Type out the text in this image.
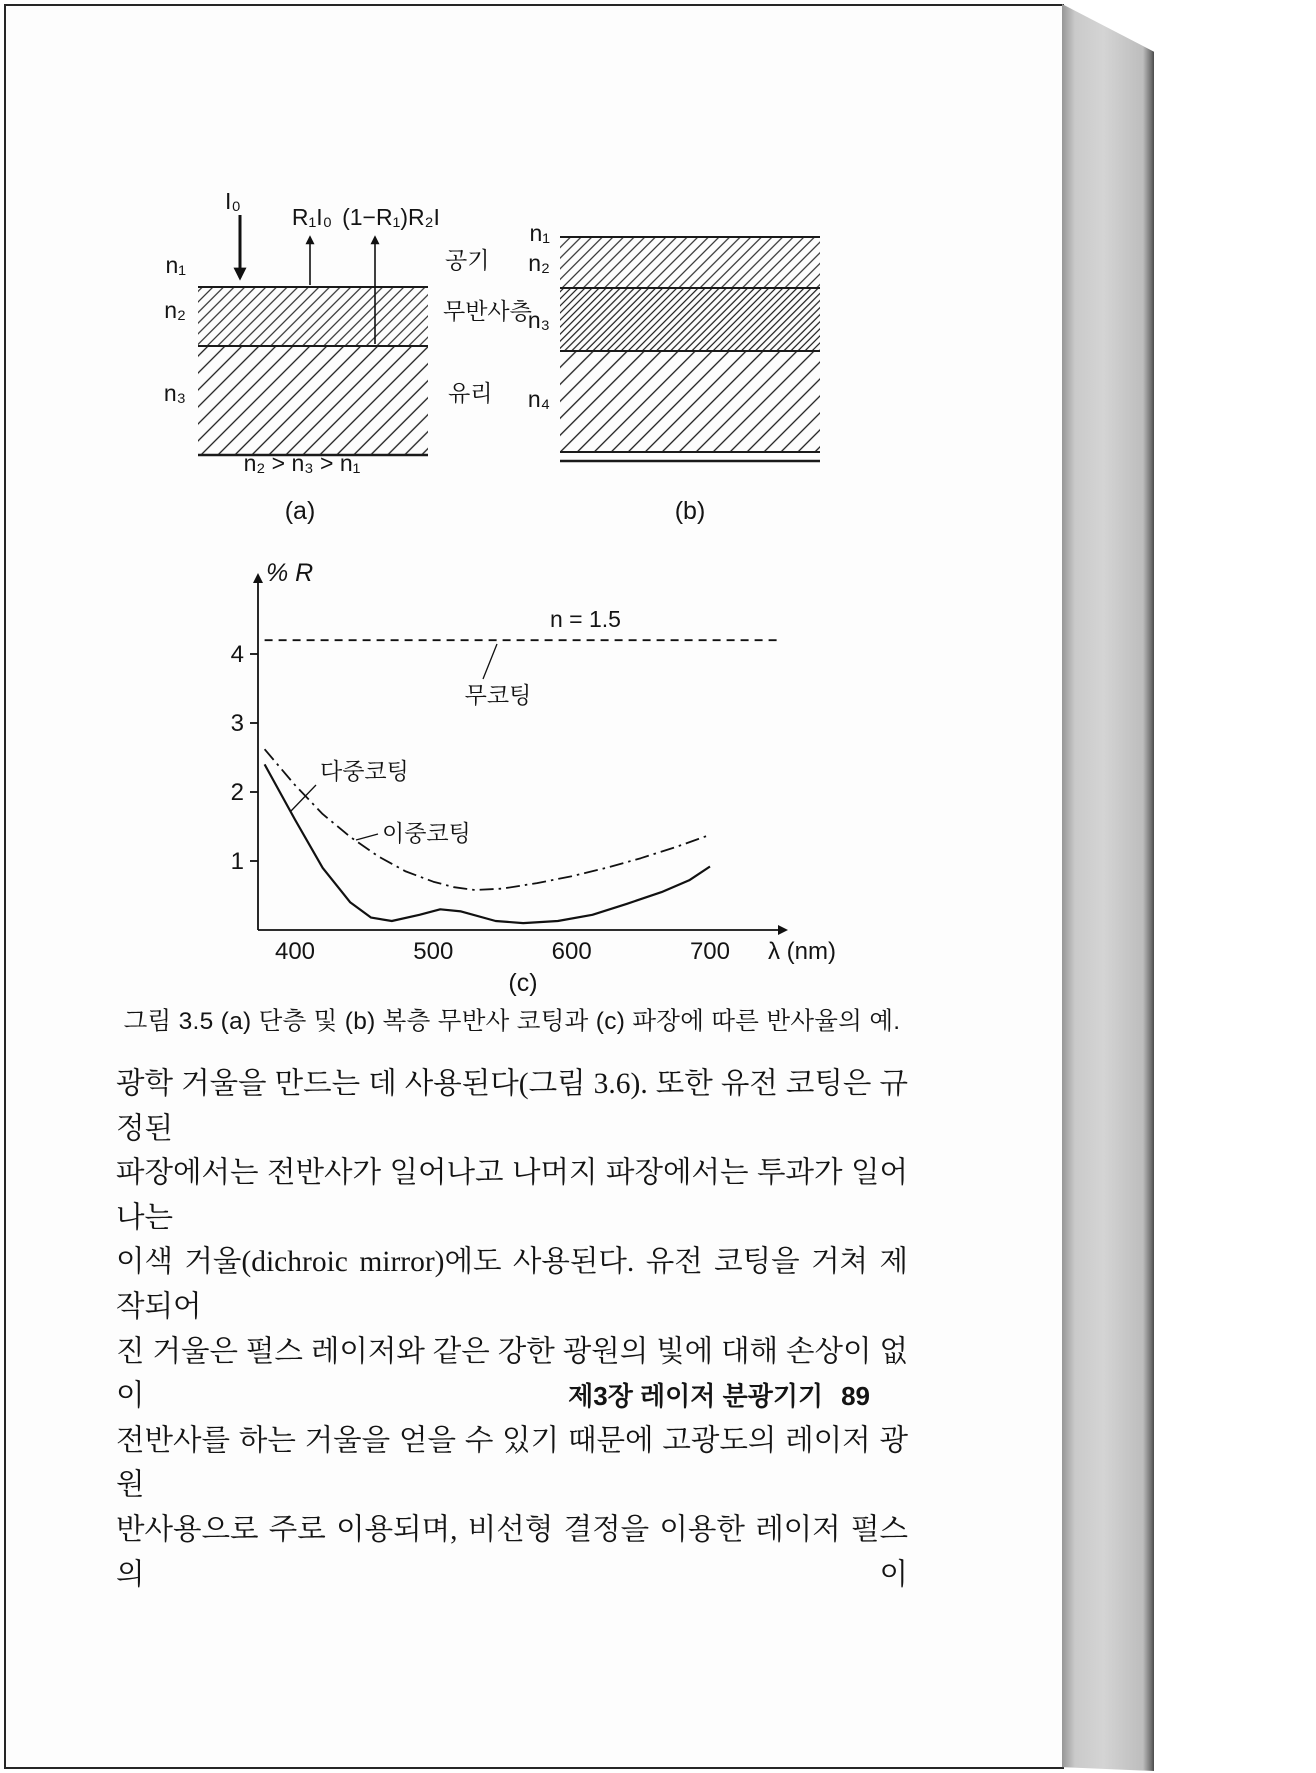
I₀
R₁I₀ (1−R₁)R₂I
n₁
n₂
n₃
공기
무반사층
유리
n₂ > n₃ > n₁
(a)
n₁
n₂
n₃
n₄
(b)
1
2
3
4
400	500	600	700
% R
λ (nm)
n = 1.5
무코팅
다중코팅
이중코팅
(c)
그림 3.5 (a) 단층 및 (b) 복층 무반사 코팅과 (c) 파장에 따른 반사율의 예.
광학 거울을 만드는 데 사용된다(그림 3.6). 또한 유전 코팅은 규정된
파장에서는 전반사가 일어나고 나머지 파장에서는 투과가 일어나는
이색 거울(dichroic mirror)에도 사용된다. 유전 코팅을 거쳐 제작되어
진 거울은 펄스 레이저와 같은 강한 광원의 빛에 대해 손상이 없이
전반사를 하는 거울을 얻을 수 있기 때문에 고광도의 레이저 광원
반사용으로 주로 이용되며, 비선형 결정을 이용한 레이저 펄스의 이
제3장 레이저 분광기기 89
